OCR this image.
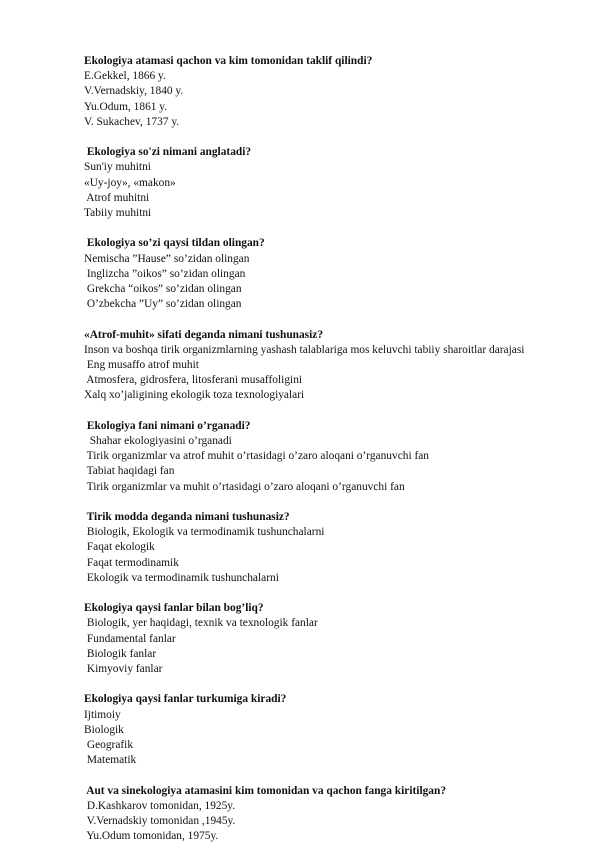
Ekologiya atamasi qachon va kim tomonidan taklif qilindi?
E.Gekkel, 1866 y.
V.Vernadskiy, 1840 y.
Yu.Odum, 1861 y.
V. Sukachev, 1737 y.
Ekologiya so'zi nimani anglatadi?
Sun'iy muhitni
«Uy-joy», «makon»
Atrof muhitni
Tabiiy muhitni
Ekologiya so’zi qaysi tildan olingan?
Nemischa ”Hause” so’zidan olingan
Inglizcha ”oikos” so’zidan olingan
Grekcha “oikos” so’zidan olingan
O’zbekcha ”Uy” so’zidan olingan
«Atrof-muhit» sifati deganda nimani tushunasiz?
Inson va boshqa tirik organizmlarning yashash talablariga mos keluvchi tabiiy sharoitlar darajasi
Eng musaffo atrof muhit
Atmosfera, gidrosfera, litosferani musaffoligini
Xalq xo’jaligining ekologik toza texnologiyalari
Ekologiya fani nimani o’rganadi?
Shahar ekologiyasini o’rganadi
Tirik organizmlar va atrof muhit o’rtasidagi o’zaro aloqani o’rganuvchi fan
Tabiat haqidagi fan
Tirik organizmlar va muhit o’rtasidagi o’zaro aloqani o’rganuvchi fan
Tirik modda deganda nimani tushunasiz?
Biologik, Ekologik va termodinamik tushunchalarni
Faqat ekologik
Faqat termodinamik
Ekologik va termodinamik tushunchalarni
Ekologiya qaysi fanlar bilan bog’liq?
Biologik, yer haqidagi, texnik va texnologik fanlar
Fundamental fanlar
Biologik fanlar
Kimyoviy fanlar
Ekologiya qaysi fanlar turkumiga kiradi?
Ijtimoiy
Biologik
Geografik
Matematik
Aut va sinekologiya atamasini kim tomonidan va qachon fanga kiritilgan?
D.Kashkarov tomonidan, 1925y.
V.Vernadskiy tomonidan ,1945y.
Yu.Odum tomonidan, 1975y.
